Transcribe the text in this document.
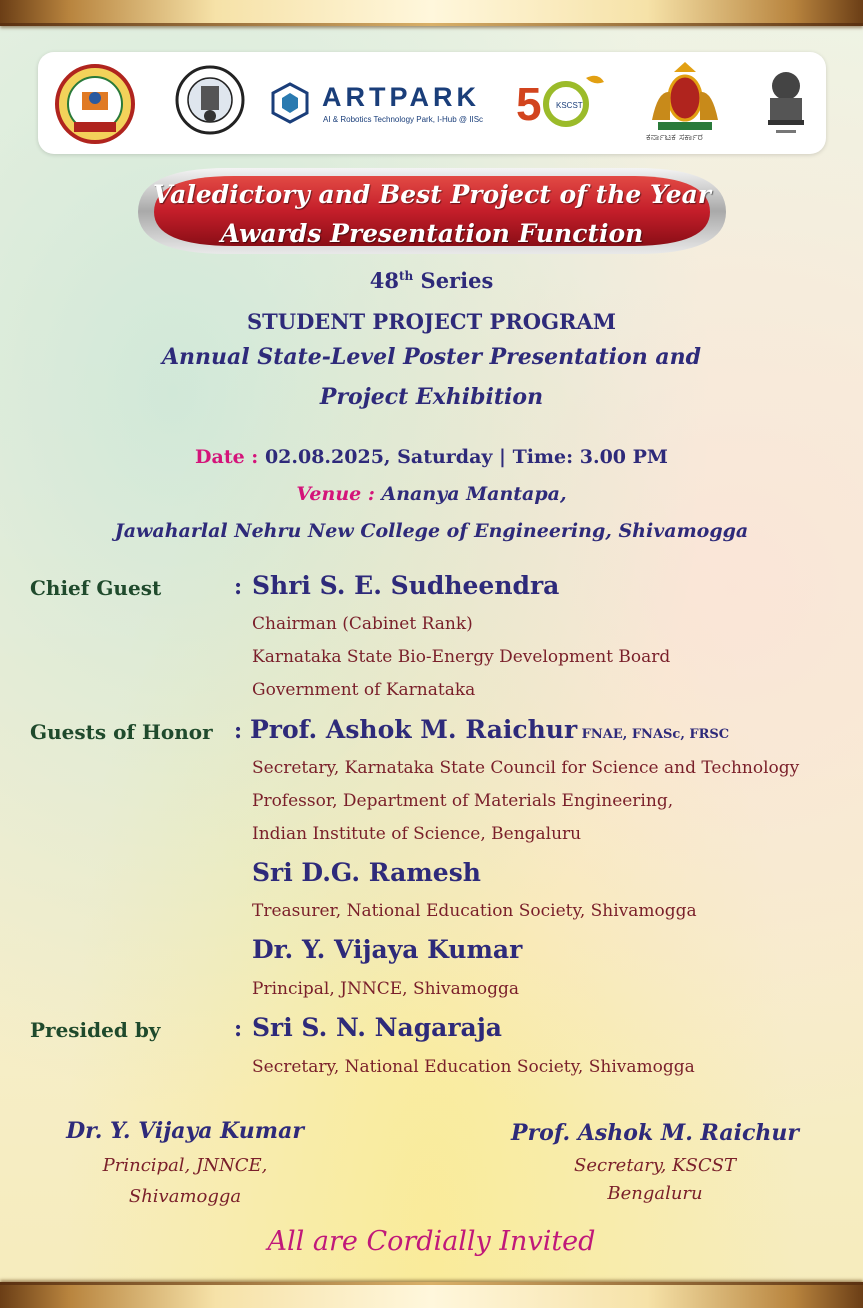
ARTPARK
AI & Robotics Technology Park, I-Hub @ IISc 5 KSCST
ಕರ್ನಾಟಕ ಸರ್ಕಾರ
Valedictory and Best Project of the Year
Awards Presentation Function
48th Series
STUDENT PROJECT PROGRAM
Annual State-Level Poster Presentation and
Project Exhibition
Date : 02.08.2025, Saturday | Time: 3.00 PM
Venue : Ananya Mantapa,
Jawaharlal Nehru New College of Engineering, Shivamogga
Chief Guest	: Shri S. E. Sudheendra
Chairman (Cabinet Rank)
Karnataka State Bio-Energy Development Board
Government of Karnataka
Guests of Honor : Prof. Ashok M. Raichur FNAE, FNASc, FRSC
Secretary, Karnataka State Council for Science and Technology
Professor, Department of Materials Engineering,
Indian Institute of Science, Bengaluru
Sri D.G. Ramesh
Treasurer, National Education Society, Shivamogga
Dr. Y. Vijaya Kumar
Principal, JNNCE, Shivamogga
Presided by	: Sri S. N. Nagaraja
Secretary, National Education Society, Shivamogga
Dr. Y. Vijaya Kumar
Principal, JNNCE,
Shivamogga
Prof. Ashok M. Raichur
Secretary, KSCST
Bengaluru
All are Cordially Invited
